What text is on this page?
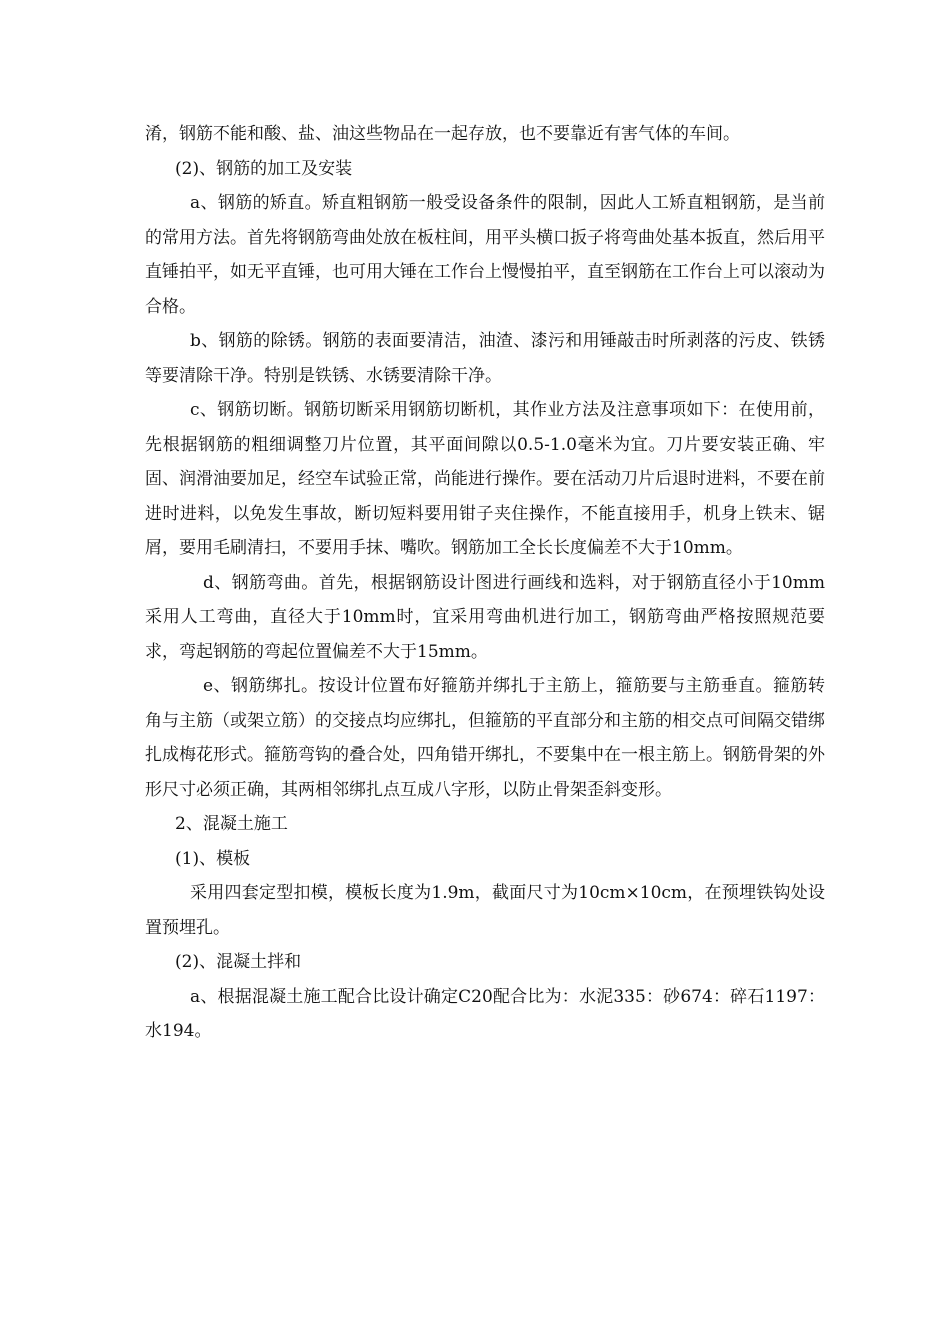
淆，钢筋不能和酸、盐、油这些物品在一起存放，也不要靠近有害气体的车间。

(2)、钢筋的加工及安装

a、钢筋的矫直。矫直粗钢筋一般受设备条件的限制，因此人工矫直粗钢筋，是当前的常用方法。首先将钢筋弯曲处放在板柱间，用平头横口扳子将弯曲处基本扳直，然后用平直锤拍平，如无平直锤，也可用大锤在工作台上慢慢拍平，直至钢筋在工作台上可以滚动为合格。

b、钢筋的除锈。钢筋的表面要清洁，油渣、漆污和用锤敲击时所剥落的污皮、铁锈等要清除干净。特别是铁锈、水锈要清除干净。

c、钢筋切断。钢筋切断采用钢筋切断机，其作业方法及注意事项如下：在使用前，先根据钢筋的粗细调整刀片位置，其平面间隙以0.5-1.0毫米为宜。刀片要安装正确、牢固、润滑油要加足，经空车试验正常，尚能进行操作。要在活动刀片后退时进料，不要在前进时进料，以免发生事故，断切短料要用钳子夹住操作，不能直接用手，机身上铁末、锯屑，要用毛刷清扫，不要用手抹、嘴吹。钢筋加工全长长度偏差不大于10mm。

d、钢筋弯曲。首先，根据钢筋设计图进行画线和选料，对于钢筋直径小于10mm采用人工弯曲，直径大于10mm时，宜采用弯曲机进行加工，钢筋弯曲严格按照规范要求，弯起钢筋的弯起位置偏差不大于15mm。

e、钢筋绑扎。按设计位置布好箍筋并绑扎于主筋上，箍筋要与主筋垂直。箍筋转角与主筋（或架立筋）的交接点均应绑扎，但箍筋的平直部分和主筋的相交点可间隔交错绑扎成梅花形式。箍筋弯钩的叠合处，四角错开绑扎，不要集中在一根主筋上。钢筋骨架的外形尺寸必须正确，其两相邻绑扎点互成八字形，以防止骨架歪斜变形。

2、混凝土施工

(1)、模板

采用四套定型扣模，模板长度为1.9m，截面尺寸为10cm×10cm，在预埋铁钩处设置预埋孔。

(2)、混凝土拌和

a、根据混凝土施工配合比设计确定C20配合比为：水泥335：砂674：碎石1197：水194。
